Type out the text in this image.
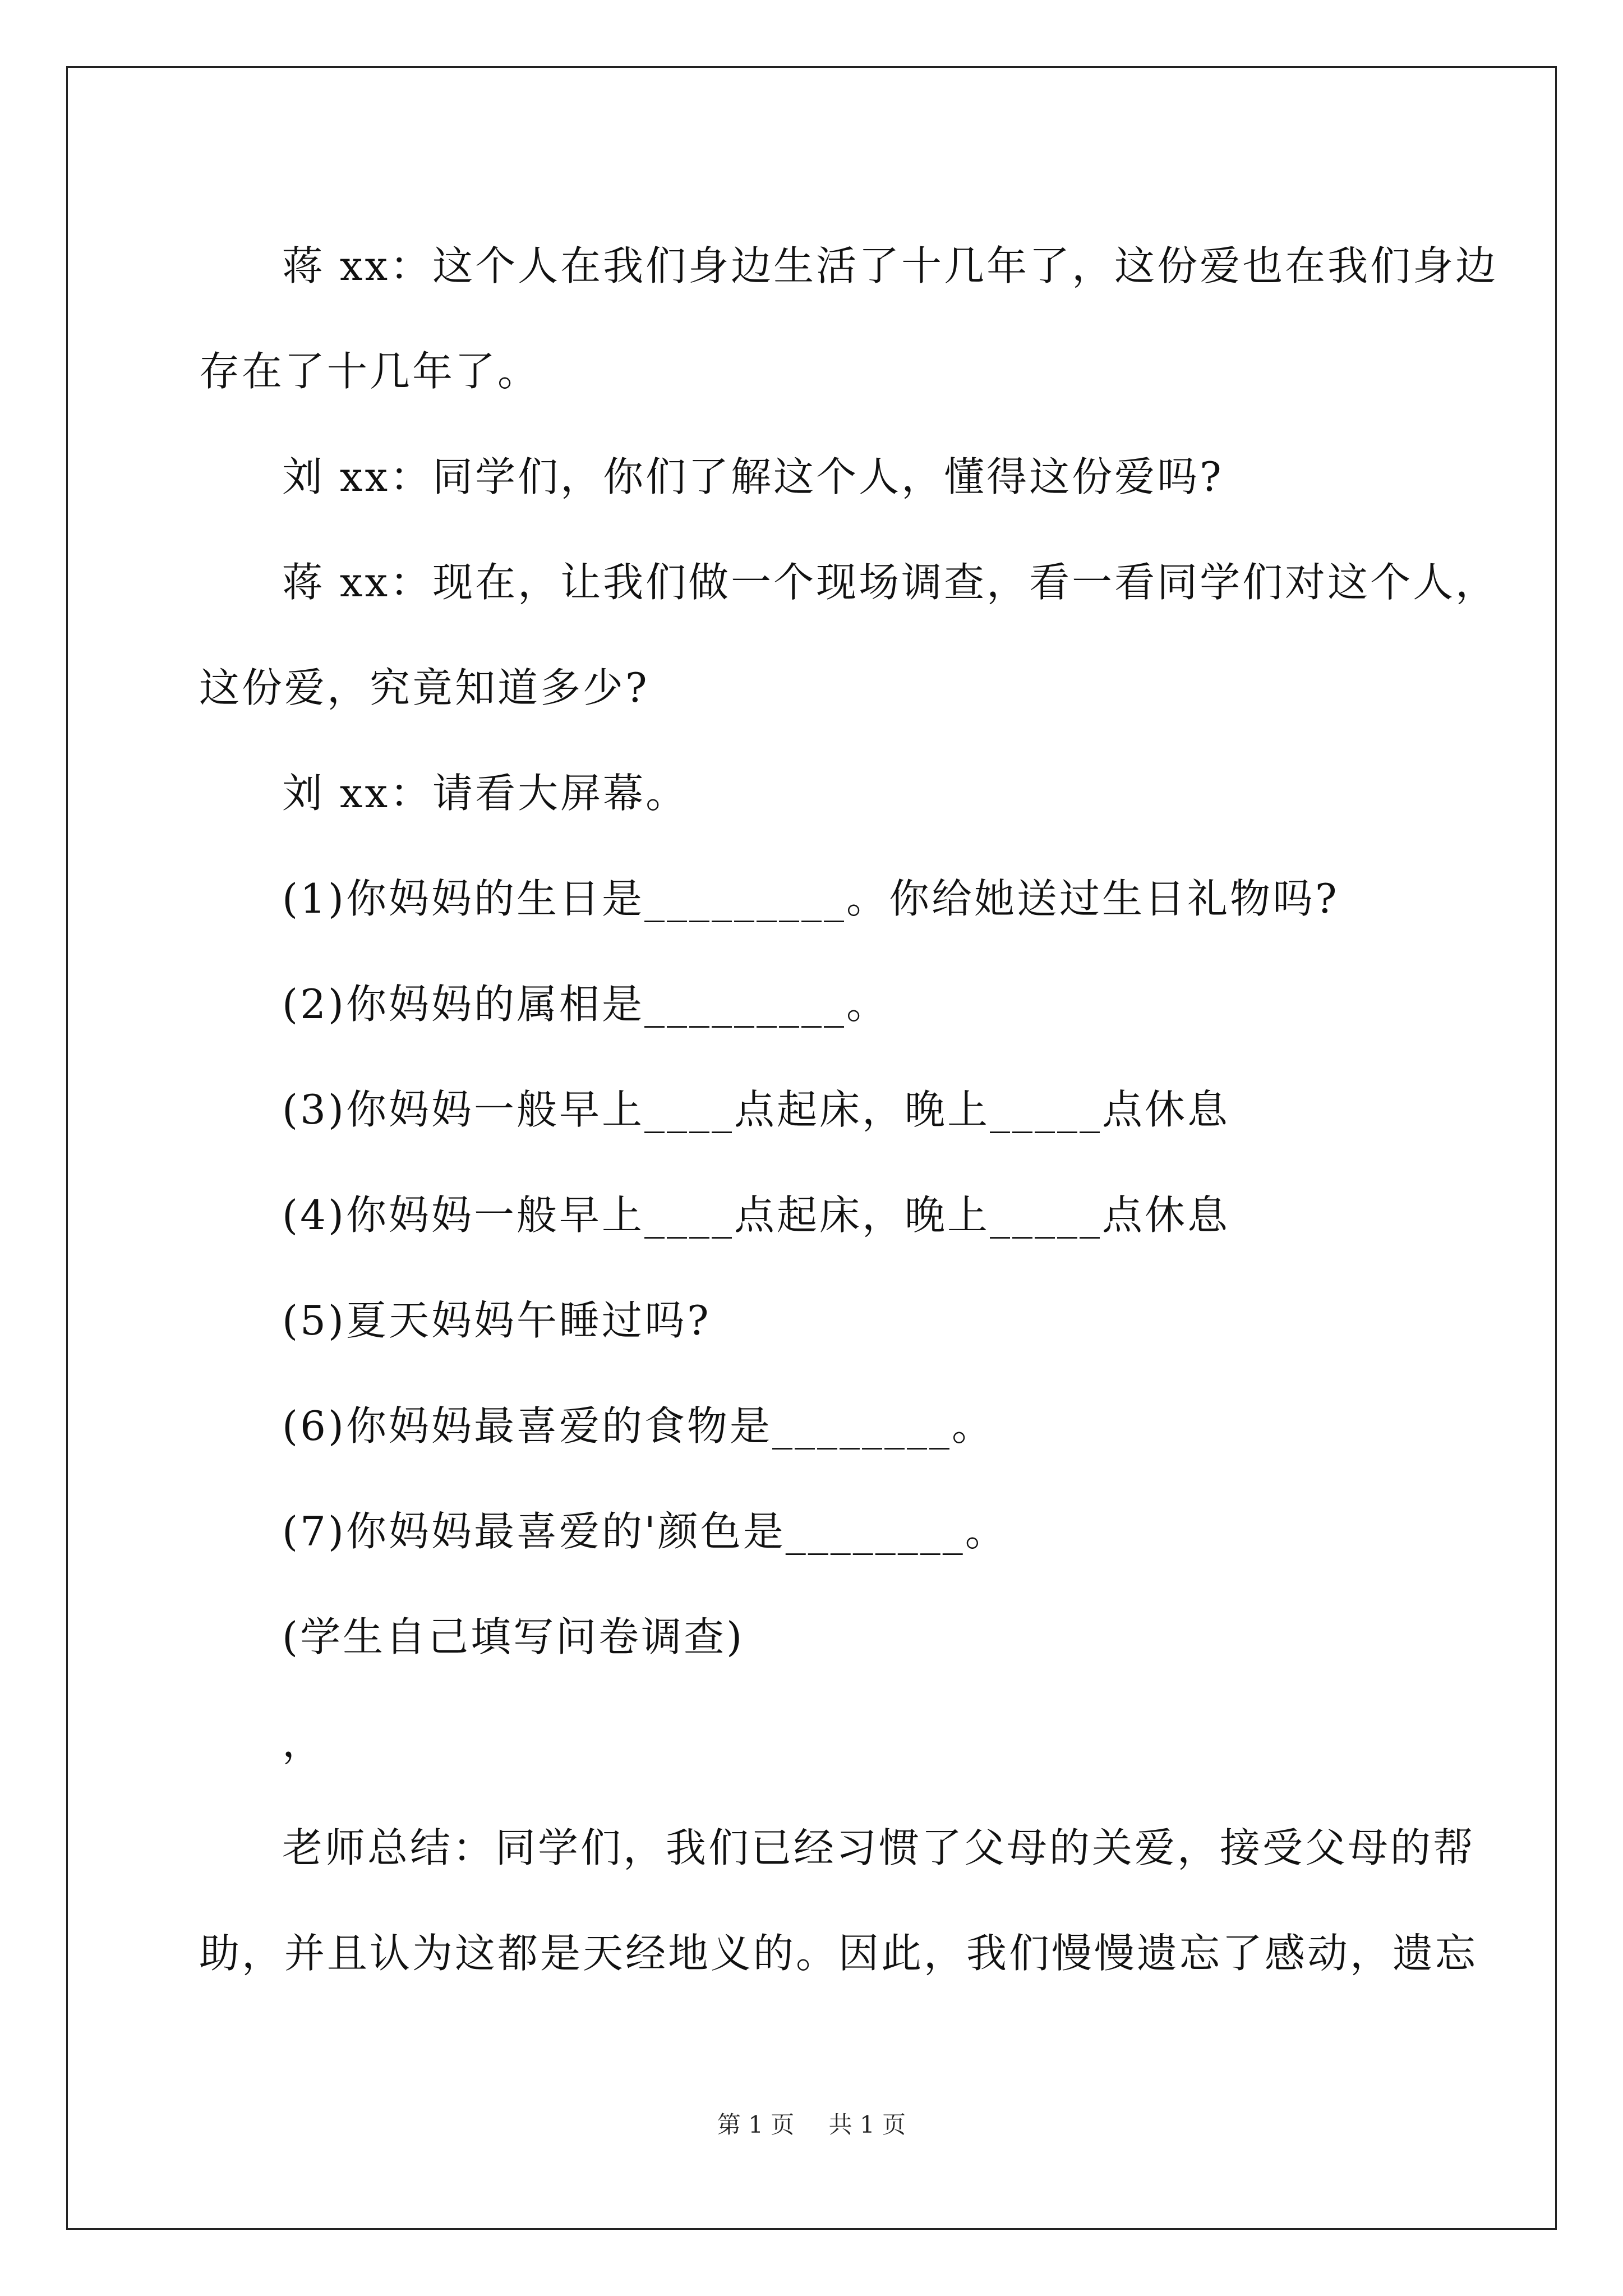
蒋 xx：这个人在我们身边生活了十几年了，这份爱也在我们身边

存在了十几年了。

刘 xx：同学们，你们了解这个人，懂得这份爱吗?

蒋 xx：现在，让我们做一个现场调查，看一看同学们对这个人，

这份爱，究竟知道多少?

刘 xx：请看大屏幕。

(1)你妈妈的生日是_________。你给她送过生日礼物吗?

(2)你妈妈的属相是_________。

(3)你妈妈一般早上____点起床，晚上_____点休息

(4)你妈妈一般早上____点起床，晚上_____点休息

(5)夏天妈妈午睡过吗?

(6)你妈妈最喜爱的食物是________。

(7)你妈妈最喜爱的'颜色是________。

(学生自己填写问卷调查)

，

老师总结：同学们，我们已经习惯了父母的关爱，接受父母的帮

助，并且认为这都是天经地义的。因此，我们慢慢遗忘了感动，遗忘

第 1 页 共 1 页
